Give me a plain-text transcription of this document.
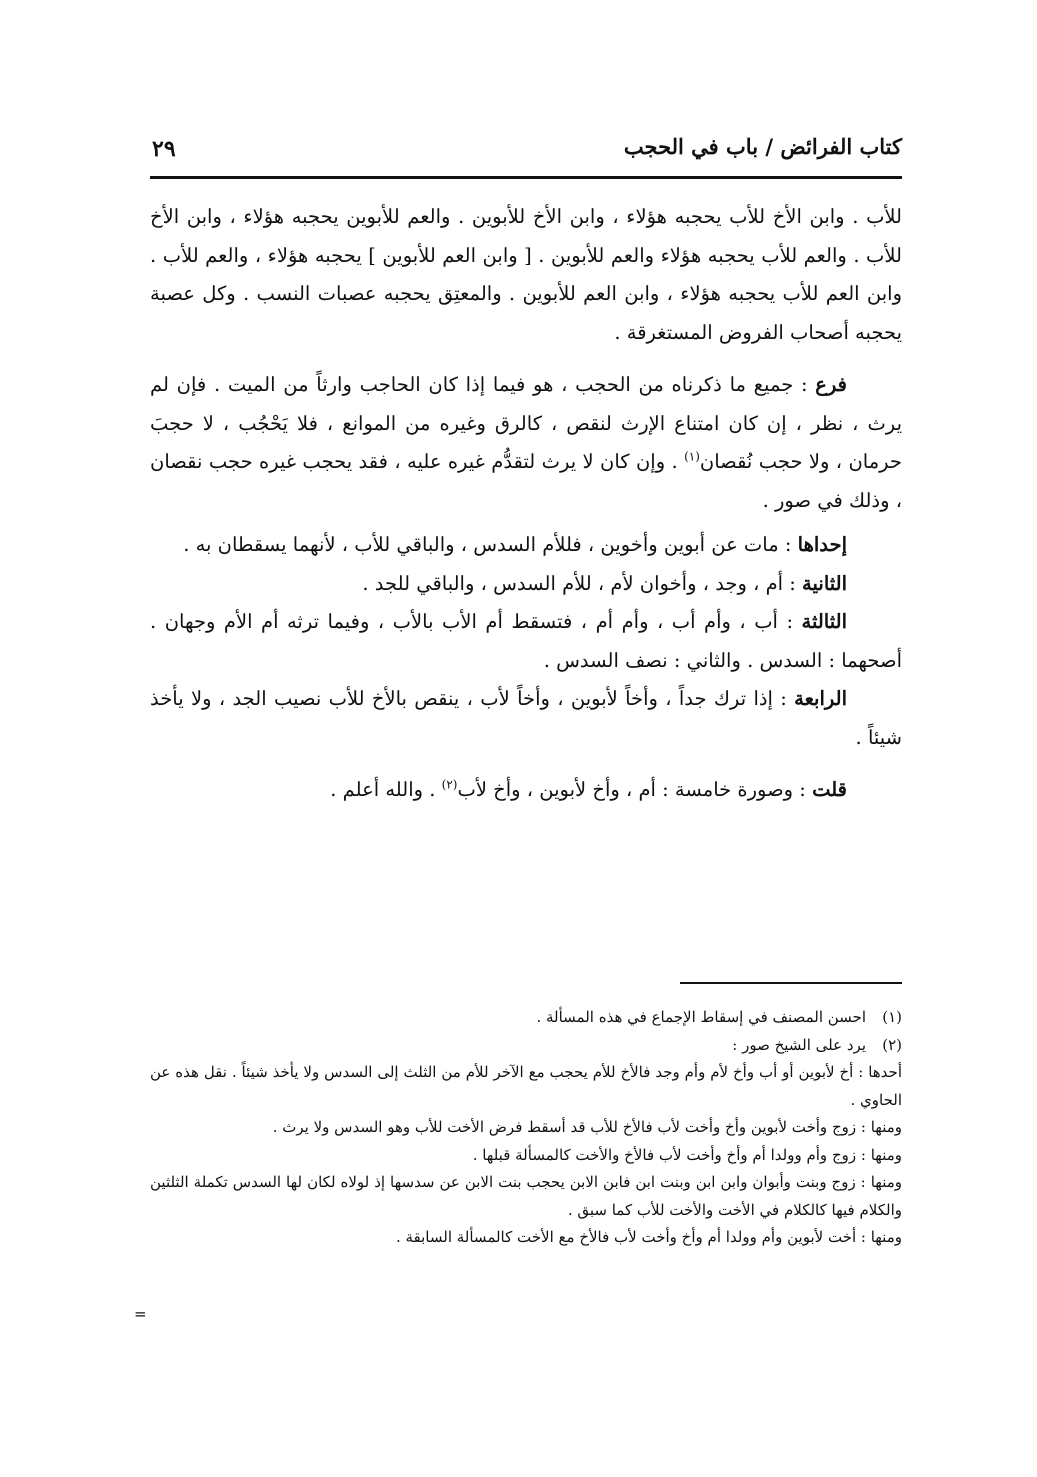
كتاب الفرائض / باب في الحجب
٢٩

للأب . وابن الأخ للأب يحجبه هؤلاء ، وابن الأخ للأبوين . والعم للأبوين يحجبه هؤلاء ، وابن الأخ للأب . والعم للأب يحجبه هؤلاء والعم للأبوين . [ وابن العم للأبوين ] يحجبه هؤلاء ، والعم للأب . وابن العم للأب يحجبه هؤلاء ، وابن العم للأبوين . والمعتِق يحجبه عصبات النسب . وكل عصبة يحجبه أصحاب الفروض المستغرقة .

فرع : جميع ما ذكرناه من الحجب ، هو فيما إذا كان الحاجب وارثاً من الميت . فإن لم يرث ، نظر ، إن كان امتناع الإرث لنقص ، كالرق وغيره من الموانع ، فلا يَحْجُب ، لا حجبَ حرمان ، ولا حجب نُقصان$^{(١)}$ . وإن كان لا يرث لتقدُّم غيره عليه ، فقد يحجب غيره حجب نقصان ، وذلك في صور .

إحداها : مات عن أبوين وأخوين ، فللأم السدس ، والباقي للأب ، لأنهما يسقطان به .

الثانية : أم ، وجد ، وأخوان لأم ، للأم السدس ، والباقي للجد .

الثالثة : أب ، وأم أب ، وأم أم ، فتسقط أم الأب بالأب ، وفيما ترثه أم الأم وجهان . أصحهما : السدس . والثاني : نصف السدس .

الرابعة : إذا ترك جداً ، وأخاً لأبوين ، وأخاً لأب ، ينقص بالأخ للأب نصيب الجد ، ولا يأخذ شيئاً .

قلت : وصورة خامسة : أم ، وأخ لأبوين ، وأخ لأب$^{(٢)}$ . والله أعلم .

(١)احسن المصنف في إسقاط الإجماع في هذه المسألة .

(٢)يرد على الشيخ صور :

أحدها : أخ لأبوين أو أب وأخ لأم وأم وجد فالأخ للأم يحجب مع الآخر للأم من الثلث إلى السدس ولا يأخذ شيئاً . نقل هذه عن الحاوي .

ومنها : زوج وأخت لأبوين وأخ وأخت لأب فالأخ للأب قد أسقط فرض الأخت للأب وهو السدس ولا يرث .

ومنها : زوج وأم وولدا أم وأخ وأخت لأب فالأخ والأخت كالمسألة قبلها .

ومنها : زوج وبنت وأبوان وابن ابن وبنت ابن فابن الابن يحجب بنت الابن عن سدسها إذ لولاه لكان لها السدس تكملة الثلثين والكلام فيها كالكلام في الأخت والأخت للأب كما سبق .

ومنها : أخت لأبوين وأم وولدا أم وأخ وأخت لأب فالأخ مع الأخت كالمسألة السابقة .

=
